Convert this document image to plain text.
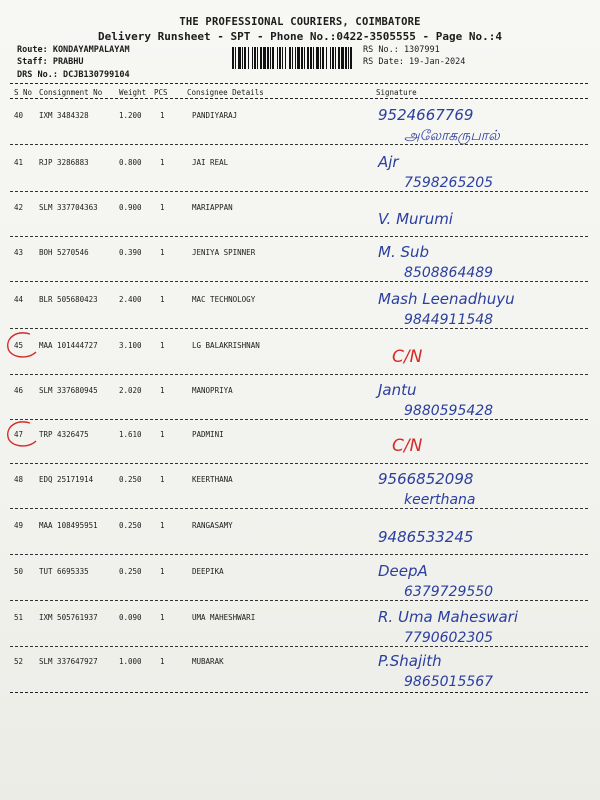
THE PROFESSIONAL COURIERS, COIMBATORE
Delivery Runsheet - SPT - Phone No.:0422-3505555 - Page No.:4
Route: KONDAYAMPALAYAM
Staff: PRABHU
DRS No.: DCJB130799104
RS No.: 1307991
RS Date: 19-Jan-2024
S No Consignment No Weight PCS	Consignee Details	Signature
40 IXM 3484328	1.200 1	PANDIYARAJ	9524667769
அலோகருபால்
41 RJP 3286883	0.800 1	JAI REAL	Ajr
7598265205
42 SLM 337704363	0.900 1	MARIAPPAN
V. Murumi
43 BOH 5270546	0.390 1	JENIYA SPINNER	M. Sub
8508864489
44 BLR 505680423	2.400 1	MAC TECHNOLOGY	Mash Leenadhuyu
9844911548
45 MAA 101444727	3.100 1	LG BALAKRISHNAN
C/N
46 SLM 337680945	2.020 1	MANOPRIYA	Jantu
9880595428
47 TRP 4326475	1.610 1	PADMINI
C/N
48 EDQ 25171914	0.250 1	KEERTHANA	9566852098
keerthana
49 MAA 108495951	0.250 1	RANGASAMY
9486533245
50 TUT 6695335	0.250 1	DEEPIKA	DeepA
6379729550
51 IXM 505761937	0.090 1	UMA MAHESHWARI	R. Uma Maheswari
7790602305
52 SLM 337647927	1.000 1	MUBARAK	P.Shajith
9865015567
